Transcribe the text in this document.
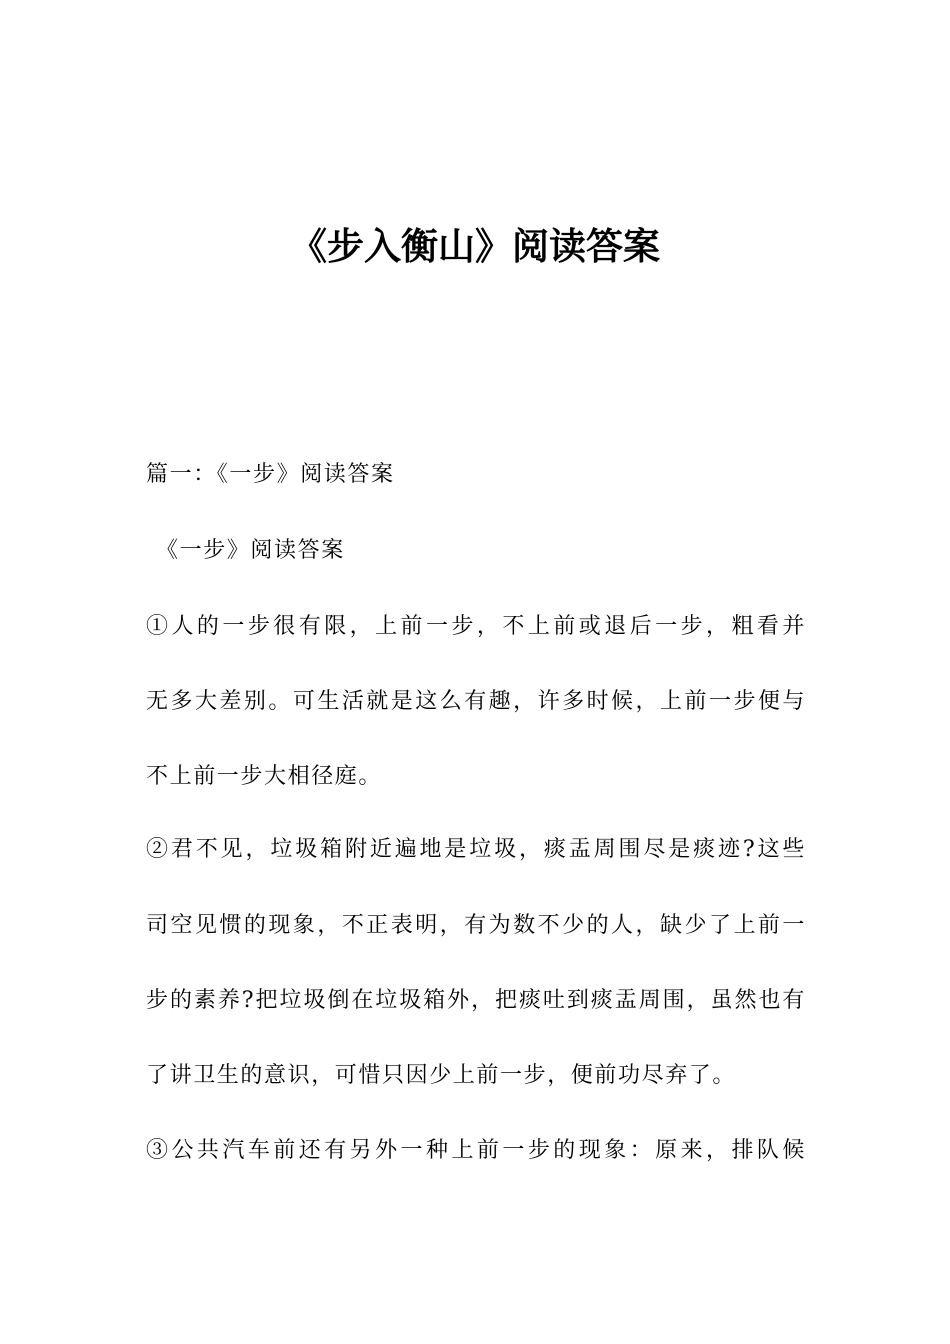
《步入衡山》阅读答案
篇一：《一步》阅读答案
《一步》阅读答案
①人的一步很有限，上前一步，不上前或退后一步，粗看并
无多大差别。可生活就是这么有趣，许多时候，上前一步便与
不上前一步大相径庭。
②君不见，垃圾箱附近遍地是垃圾，痰盂周围尽是痰迹?这些
司空见惯的现象，不正表明，有为数不少的人，缺少了上前一
步的素养?把垃圾倒在垃圾箱外，把痰吐到痰盂周围，虽然也有
了讲卫生的意识，可惜只因少上前一步，便前功尽弃了。
③公共汽车前还有另外一种上前一步的现象：原来，排队候
